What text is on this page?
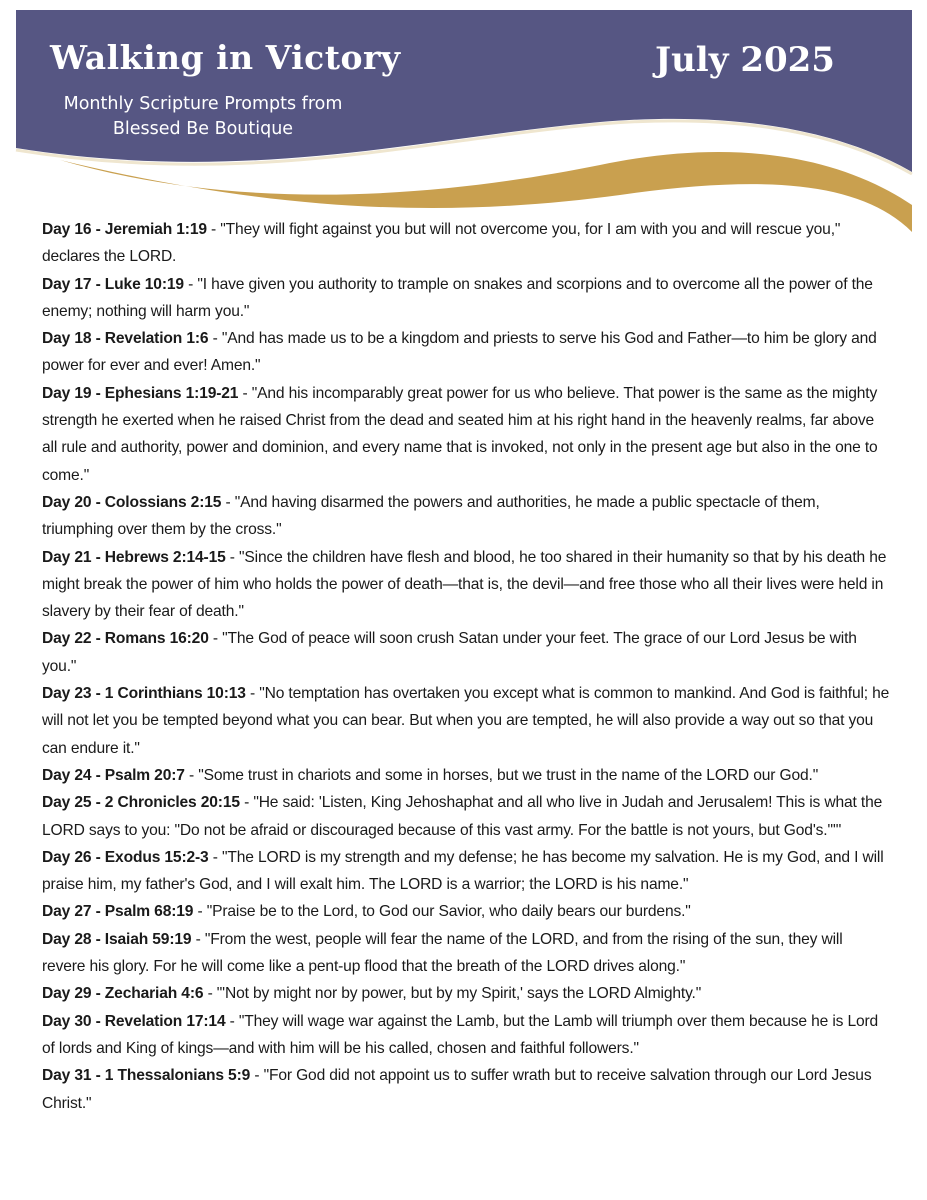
Walking in Victory
Monthly Scripture Prompts from
Blessed Be Boutique
July 2025

Day 16 - Jeremiah 1:19 - "They will fight against you but will not overcome you, for I am with you and will rescue you," declares the LORD.

Day 17 - Luke 10:19 - "I have given you authority to trample on snakes and scorpions and to overcome all the power of the enemy; nothing will harm you."

Day 18 - Revelation 1:6 - "And has made us to be a kingdom and priests to serve his God and Father—to him be glory and power for ever and ever! Amen."

Day 19 - Ephesians 1:19-21 - "And his incomparably great power for us who believe. That power is the same as the mighty strength he exerted when he raised Christ from the dead and seated him at his right hand in the heavenly realms, far above all rule and authority, power and dominion, and every name that is invoked, not only in the present age but also in the one to come."

Day 20 - Colossians 2:15 - "And having disarmed the powers and authorities, he made a public spectacle of them, triumphing over them by the cross."

Day 21 - Hebrews 2:14-15 - "Since the children have flesh and blood, he too shared in their humanity so that by his death he might break the power of him who holds the power of death—that is, the devil—and free those who all their lives were held in slavery by their fear of death."

Day 22 - Romans 16:20 - "The God of peace will soon crush Satan under your feet. The grace of our Lord Jesus be with you."

Day 23 - 1 Corinthians 10:13 - "No temptation has overtaken you except what is common to mankind. And God is faithful; he will not let you be tempted beyond what you can bear. But when you are tempted, he will also provide a way out so that you can endure it."

Day 24 - Psalm 20:7 - "Some trust in chariots and some in horses, but we trust in the name of the LORD our God."

Day 25 - 2 Chronicles 20:15 - "He said: 'Listen, King Jehoshaphat and all who live in Judah and Jerusalem! This is what the LORD says to you: "Do not be afraid or discouraged because of this vast army. For the battle is not yours, but God's."'"

Day 26 - Exodus 15:2-3 - "The LORD is my strength and my defense; he has become my salvation. He is my God, and I will praise him, my father's God, and I will exalt him. The LORD is a warrior; the LORD is his name."

Day 27 - Psalm 68:19 - "Praise be to the Lord, to God our Savior, who daily bears our burdens."

Day 28 - Isaiah 59:19 - "From the west, people will fear the name of the LORD, and from the rising of the sun, they will revere his glory. For he will come like a pent-up flood that the breath of the LORD drives along."

Day 29 - Zechariah 4:6 - "'Not by might nor by power, but by my Spirit,' says the LORD Almighty."

Day 30 - Revelation 17:14 - "They will wage war against the Lamb, but the Lamb will triumph over them because he is Lord of lords and King of kings—and with him will be his called, chosen and faithful followers."

Day 31 - 1 Thessalonians 5:9 - "For God did not appoint us to suffer wrath but to receive salvation through our Lord Jesus Christ."
